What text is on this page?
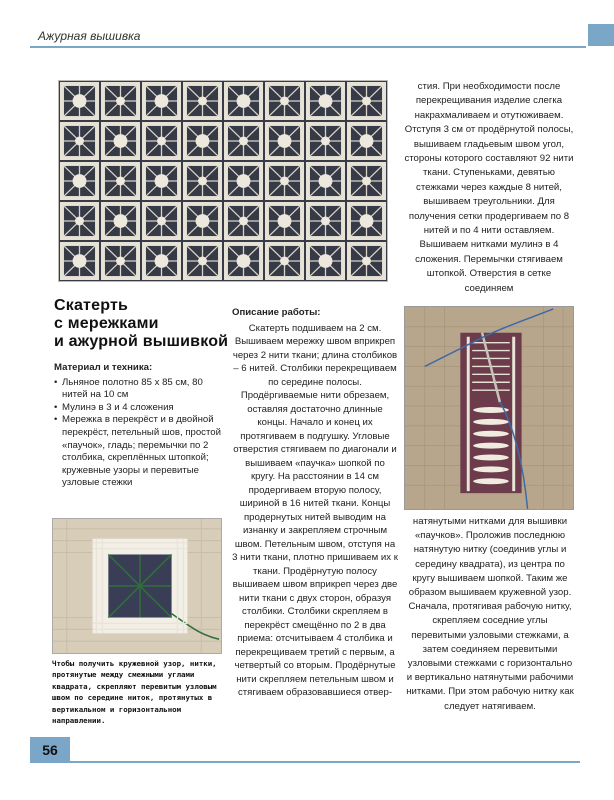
Ажурная вышивка
Скатерть
с мережками
и ажурной вышивкой
Материал и техника:
• Льняное полотно 85 х 85 см, 80 нитей на 10 см
• Мулинэ в 3 и 4 сложения
• Мережка в перекрёст и в двойной перекрёст, петельный шов, простой «паучок», гладь; перемычки по 2 столбика, скреплённых штопкой; кружевные узоры и перевитые узловые стежки
Чтобы получить кружевной узор, нитки, протянутые между смежными углами квадрата, скрепляют перевитым узловым швом по середине ниток, протянутых в вертикальном и горизонтальном направлении.
Описание работы:
Скатерть подшиваем на 2 см. Вышиваем мережку швом вприкреп через 2 нити ткани; длина столбиков – 6 нитей. Столбики перекрещиваем по середине полосы. Продёргиваемые нити обрезаем, оставляя достаточно длинные концы. Начало и конец их протягиваем в подгушку. Угловые отверстия стягиваем по диагонали и вышиваем «паучка» шопкой по кругу. На расстоянии в 14 см продергиваем вторую полосу, шириной в 16 нитей ткани. Концы продернутых нитей выводим на изнанку и закрепляем строчным швом. Петельным швом, отступя на 3 нити ткани, плотно пришиваем их к ткани. Продёрнутую полосу вышиваем швом вприкреп через две нити ткани с двух сторон, образуя столбики. Столбики скрепляем в перекрёст смещённо по 2 в два приема: отсчитываем 4 столбика и перекрещиваем третий с первым, а четвертый со вторым. Продёрнутые нити скрепляем петельным швом и стягиваем образовавшиеся отвер-
стия. При необходимости после перекрещивания изделие слегка накрахмаливаем и отутюживаем. Отступя 3 см от продёрнутой полосы, вышиваем гладьевым швом угол, стороны которого составляют 92 нити ткани. Ступеньками, девятью стежками через каждые 8 нитей, вышиваем треугольники. Для получения сетки продергиваем по 8 нитей и по 4 нити оставляем. Вышиваем нитками мулинэ в 4 сложения. Перемычки стягиваем штопкой. Отверстия в сетке соединяем
натянутыми нитками для вышивки «паучков». Проложив последнюю натянутую нитку (соединив углы и середину квадрата), из центра по кругу вышиваем шопкой. Таким же образом вышиваем кружевной узор. Сначала, протягивая рабочую нитку, скрепляем соседние углы перевитыми узловыми стежками, а затем соединяем перевитыми узловыми стежками с горизонтально и вертикально натянутыми рабочими нитками. При этом рабочую нитку как следует натягиваем.
56
